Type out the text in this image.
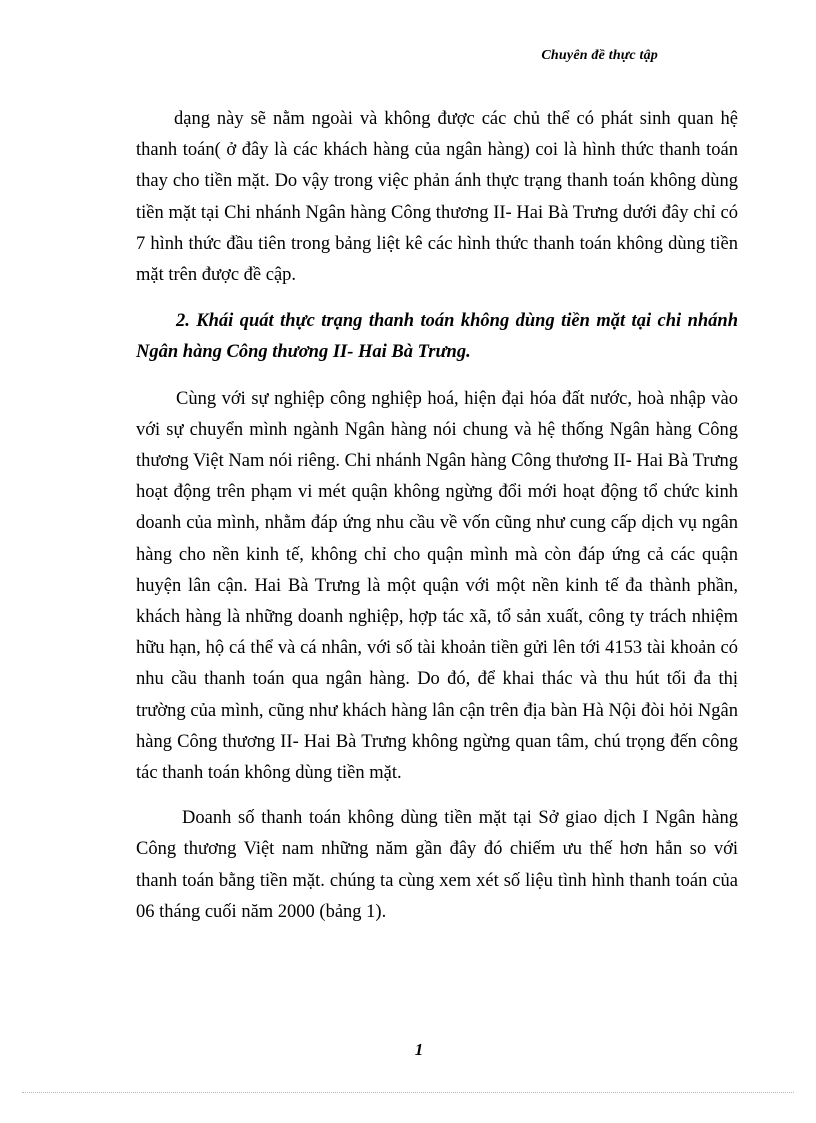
Chuyên đề thực tập

dạng này sẽ nằm ngoài và không được các chủ thể có phát sinh quan hệ thanh toán( ở đây là các khách hàng của ngân hàng) coi là hình thức thanh toán thay cho tiền mặt. Do vậy trong việc phản ánh thực trạng thanh toán không dùng tiền mặt tại Chi nhánh Ngân hàng Công thương II- Hai Bà Trưng dưới đây chỉ có 7 hình thức đầu tiên trong bảng liệt kê các hình thức thanh toán không dùng tiền mặt trên được đề cập.

2. Khái quát thực trạng thanh toán không dùng tiền mặt tại chi nhánh Ngân hàng Công thương II- Hai Bà Trưng.

Cùng với sự nghiệp công nghiệp hoá, hiện đại hóa đất nước, hoà nhập vào với sự chuyển mình ngành Ngân hàng nói chung và hệ thống Ngân hàng Công thương Việt Nam nói riêng. Chi nhánh Ngân hàng Công thương II- Hai Bà Trưng hoạt động trên phạm vi mét quận không ngừng đổi mới hoạt động tổ chức kinh doanh của mình, nhằm đáp ứng nhu cầu về vốn cũng như cung cấp dịch vụ ngân hàng cho nền kinh tế, không chỉ cho quận mình mà còn đáp ứng cả các quận huyện lân cận. Hai Bà Trưng là một quận với một nền kinh tế đa thành phần, khách hàng là những doanh nghiệp, hợp tác xã, tổ sản xuất, công ty trách nhiệm hữu hạn, hộ cá thể và cá nhân, với số tài khoản tiền gửi lên tới 4153 tài khoản có nhu cầu thanh toán qua ngân hàng. Do đó, để khai thác và thu hút tối đa thị trường của mình, cũng như khách hàng lân cận trên địa bàn Hà Nội đòi hỏi Ngân hàng Công thương II- Hai Bà Trưng không ngừng quan tâm, chú trọng đến công tác thanh toán không dùng tiền mặt.

Doanh số thanh toán không dùng tiền mặt tại Sở giao dịch I Ngân hàng Công thương Việt nam những năm gần đây đó chiếm ưu thế hơn hẳn so với thanh toán bằng tiền mặt. chúng ta cùng xem xét số liệu tình hình thanh toán của 06 tháng cuối năm 2000 (bảng 1).

1
